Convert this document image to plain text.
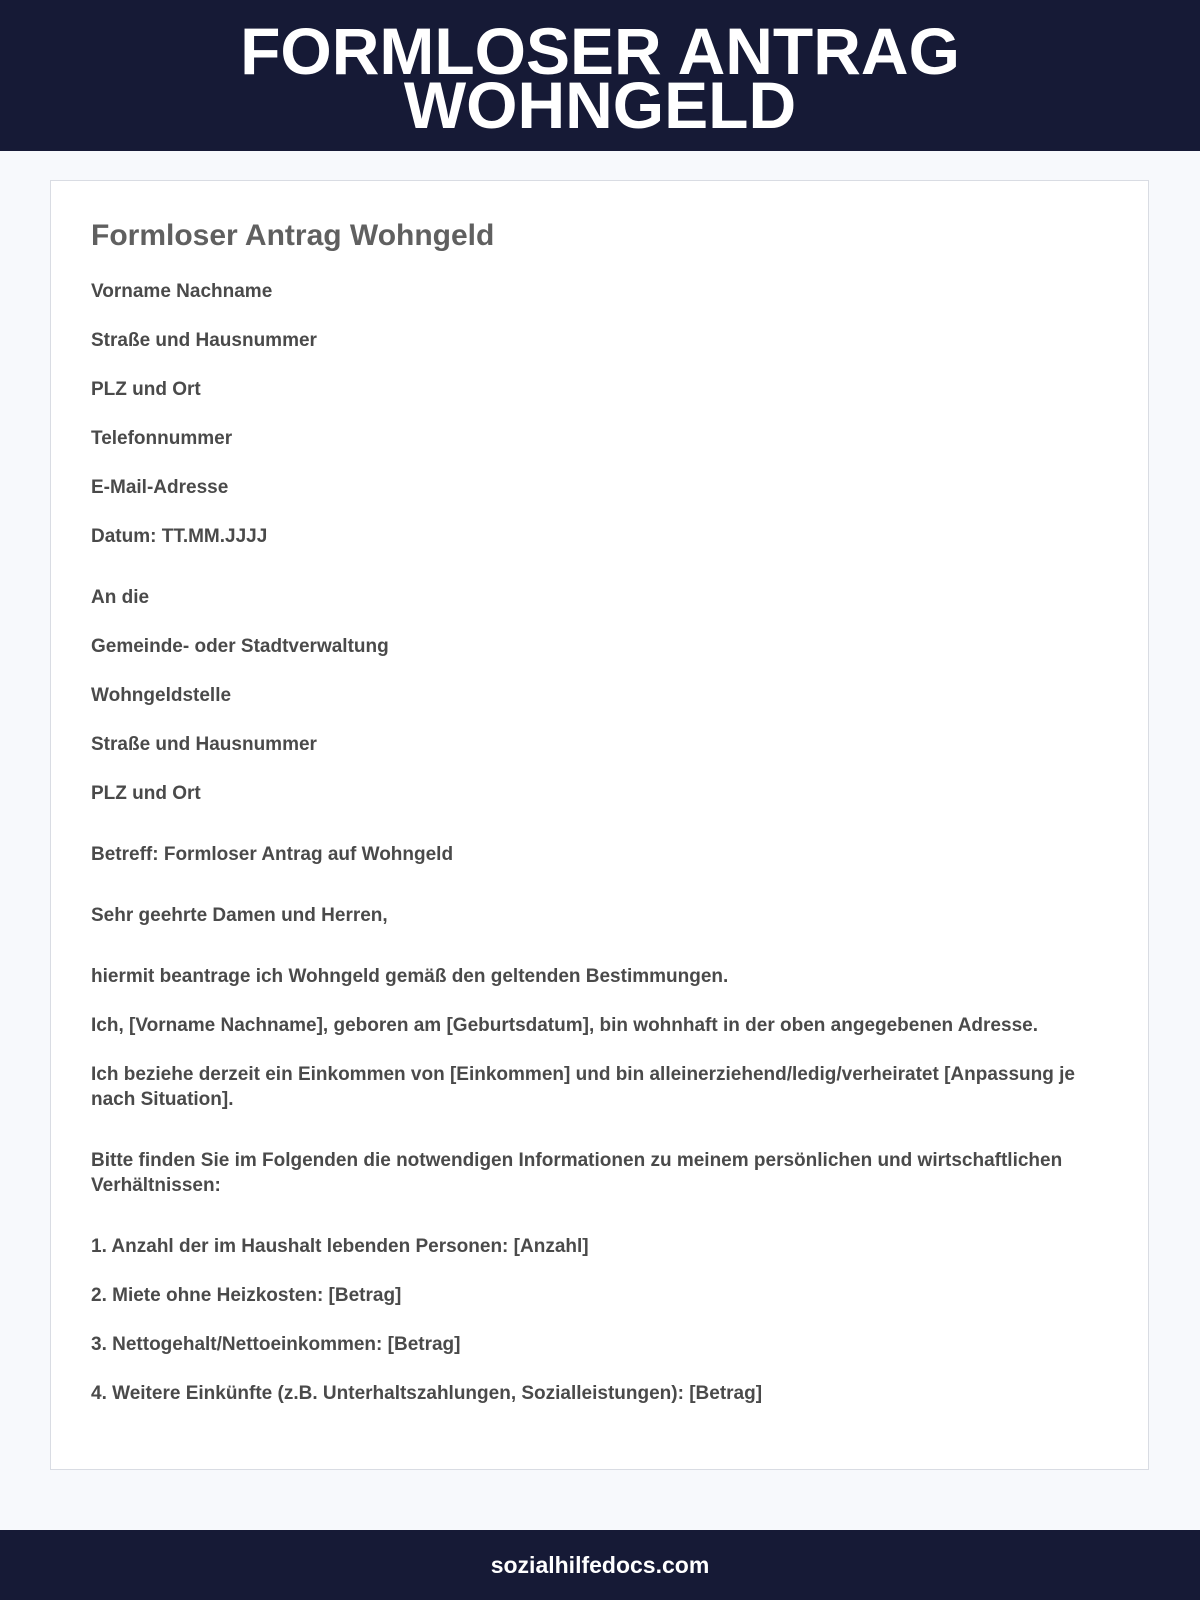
FORMLOSER ANTRAG WOHNGELD
Formloser Antrag Wohngeld

Vorname Nachname

Straße und Hausnummer

PLZ und Ort

Telefonnummer

E-Mail-Adresse

Datum: TT.MM.JJJJ

An die

Gemeinde- oder Stadtverwaltung

Wohngeldstelle

Straße und Hausnummer

PLZ und Ort

Betreff: Formloser Antrag auf Wohngeld

Sehr geehrte Damen und Herren,

hiermit beantrage ich Wohngeld gemäß den geltenden Bestimmungen.

Ich, [Vorname Nachname], geboren am [Geburtsdatum], bin wohnhaft in der oben angegebenen Adresse.

Ich beziehe derzeit ein Einkommen von [Einkommen] und bin alleinerziehend/ledig/verheiratet [Anpassung je nach Situation].

Bitte finden Sie im Folgenden die notwendigen Informationen zu meinem persönlichen und wirtschaftlichen Verhältnissen:

1. Anzahl der im Haushalt lebenden Personen: [Anzahl]

2. Miete ohne Heizkosten: [Betrag]

3. Nettogehalt/Nettoeinkommen: [Betrag]

4. Weitere Einkünfte (z.B. Unterhaltszahlungen, Sozialleistungen): [Betrag]

sozialhilfedocs.com
